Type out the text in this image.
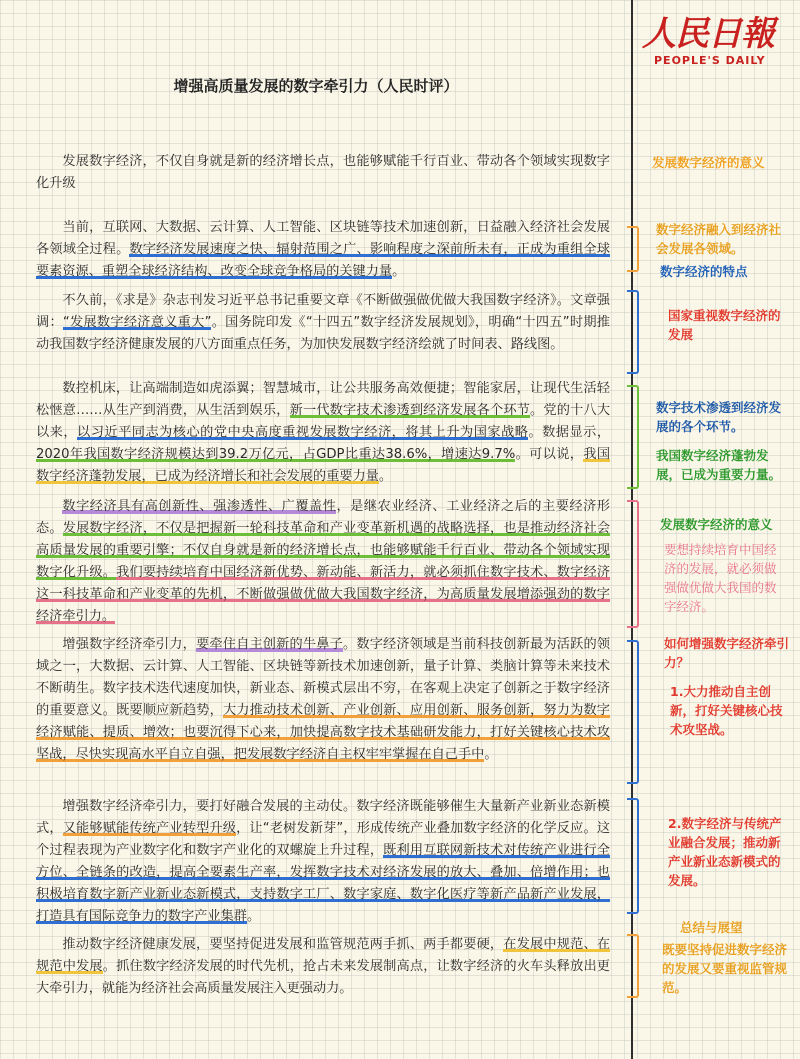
人民日報
PEOPLE'S DAILY
增强高质量发展的数字牵引力（人民时评）

发展数字经济，不仅自身就是新的经济增长点，也能够赋能千行百业、带动各个领域实现数字化升级

当前，互联网、大数据、云计算、人工智能、区块链等技术加速创新，日益融入经济社会发展各领域全过程。数字经济发展速度之快、辐射范围之广、影响程度之深前所未有，正成为重组全球要素资源、重塑全球经济结构、改变全球竞争格局的关键力量。

不久前，《求是》杂志刊发习近平总书记重要文章《不断做强做优做大我国数字经济》。文章强调：“发展数字经济意义重大”。国务院印发《“十四五”数字经济发展规划》，明确“十四五”时期推动我国数字经济健康发展的八方面重点任务，为加快发展数字经济绘就了时间表、路线图。

数控机床，让高端制造如虎添翼；智慧城市，让公共服务高效便捷；智能家居，让现代生活轻松惬意……从生产到消费，从生活到娱乐，新一代数字技术渗透到经济发展各个环节。党的十八大以来，以习近平同志为核心的党中央高度重视发展数字经济，将其上升为国家战略。数据显示，2020年我国数字经济规模达到39.2万亿元，占GDP比重达38.6%，增速达9.7%。可以说，我国数字经济蓬勃发展，已成为经济增长和社会发展的重要力量。

数字经济具有高创新性、强渗透性、广覆盖性，是继农业经济、工业经济之后的主要经济形态。发展数字经济，不仅是把握新一轮科技革命和产业变革新机遇的战略选择，也是推动经济社会高质量发展的重要引擎；不仅自身就是新的经济增长点，也能够赋能千行百业、带动各个领域实现数字化升级。我们要持续培育中国经济新优势、新动能、新活力，就必须抓住数字技术、数字经济这一科技革命和产业变革的先机，不断做强做优做大我国数字经济，为高质量发展增添强劲的数字经济牵引力。

增强数字经济牵引力，要牵住自主创新的牛鼻子。数字经济领域是当前科技创新最为活跃的领域之一，大数据、云计算、人工智能、区块链等新技术加速创新，量子计算、类脑计算等未来技术不断萌生。数字技术迭代速度加快，新业态、新模式层出不穷，在客观上决定了创新之于数字经济的重要意义。既要顺应新趋势，大力推动技术创新、产业创新、应用创新、服务创新，努力为数字经济赋能、提质、增效；也要沉得下心来，加快提高数字技术基础研发能力，打好关键核心技术攻坚战，尽快实现高水平自立自强，把发展数字经济自主权牢牢掌握在自己手中。

增强数字经济牵引力，要打好融合发展的主动仗。数字经济既能够催生大量新产业新业态新模式，又能够赋能传统产业转型升级，让“老树发新芽”，形成传统产业叠加数字经济的化学反应。这个过程表现为产业数字化和数字产业化的双螺旋上升过程，既利用互联网新技术对传统产业进行全方位、全链条的改造，提高全要素生产率，发挥数字技术对经济发展的放大、叠加、倍增作用；也积极培育数字新产业新业态新模式，支持数字工厂、数字家庭、数字化医疗等新产品新产业发展，打造具有国际竞争力的数字产业集群。

推动数字经济健康发展，要坚持促进发展和监管规范两手抓、两手都要硬，在发展中规范、在规范中发展。抓住数字经济发展的时代先机，抢占未来发展制高点，让数字经济的火车头释放出更大牵引力，就能为经济社会高质量发展注入更强动力。

发展数字经济的意义
数字经济融入到经济社会发展各领域。
数字经济的特点
国家重视数字经济的发展
数字技术渗透到经济发展的各个环节。
我国数字经济蓬勃发展，已成为重要力量。
发展数字经济的意义
要想持续培育中国经济的发展，就必须做强做优做大我国的数字经济。
如何增强数字经济牵引力？
1.大力推动自主创新，打好关键核心技术攻坚战。
2.数字经济与传统产业融合发展；推动新产业新业态新模式的发展。
总结与展望
既要坚持促进数字经济的发展又要重视监管规范。
